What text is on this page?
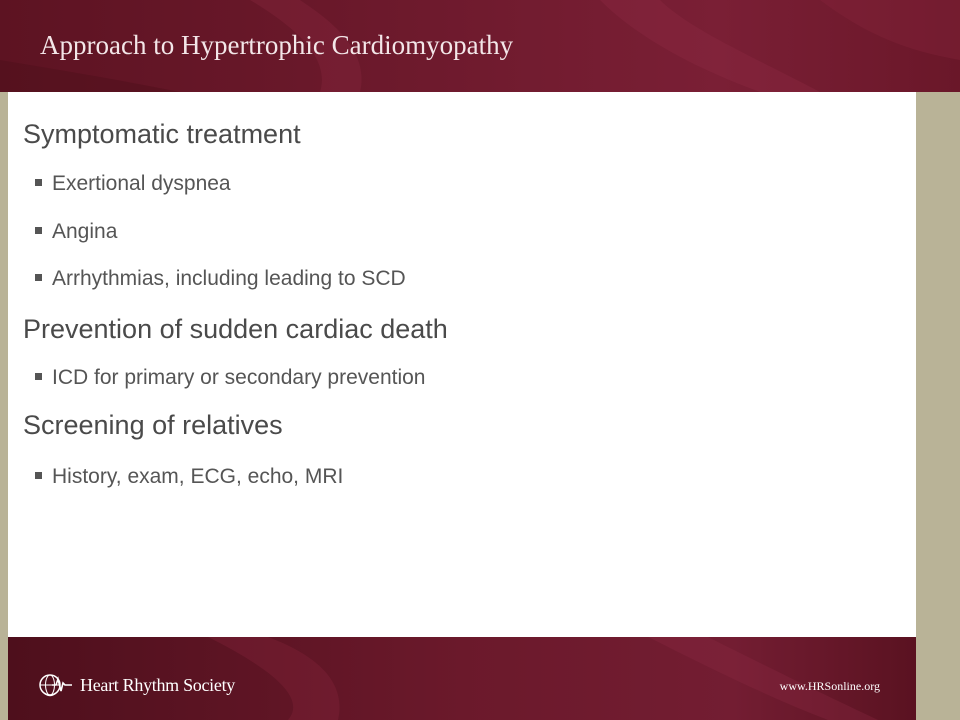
Approach to Hypertrophic Cardiomyopathy
Symptomatic treatment
Exertional dyspnea
Angina
Arrhythmias, including leading to SCD
Prevention of sudden cardiac death
ICD for primary or secondary prevention
Screening of relatives
History, exam, ECG, echo, MRI
Heart Rhythm Society	www.HRSonline.org
